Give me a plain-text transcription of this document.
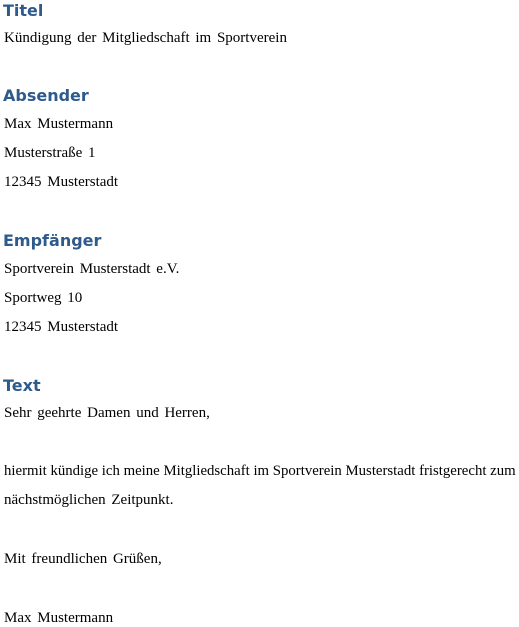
Titel

Kündigung der Mitgliedschaft im Sportverein

Absender

Max Mustermann

Musterstraße 1

12345 Musterstadt

Empfänger

Sportverein Musterstadt e.V.

Sportweg 10

12345 Musterstadt

Text

Sehr geehrte Damen und Herren,

hiermit kündige ich meine Mitgliedschaft im Sportverein Musterstadt fristgerecht zum

nächstmöglichen Zeitpunkt.

Mit freundlichen Grüßen,

Max Mustermann
